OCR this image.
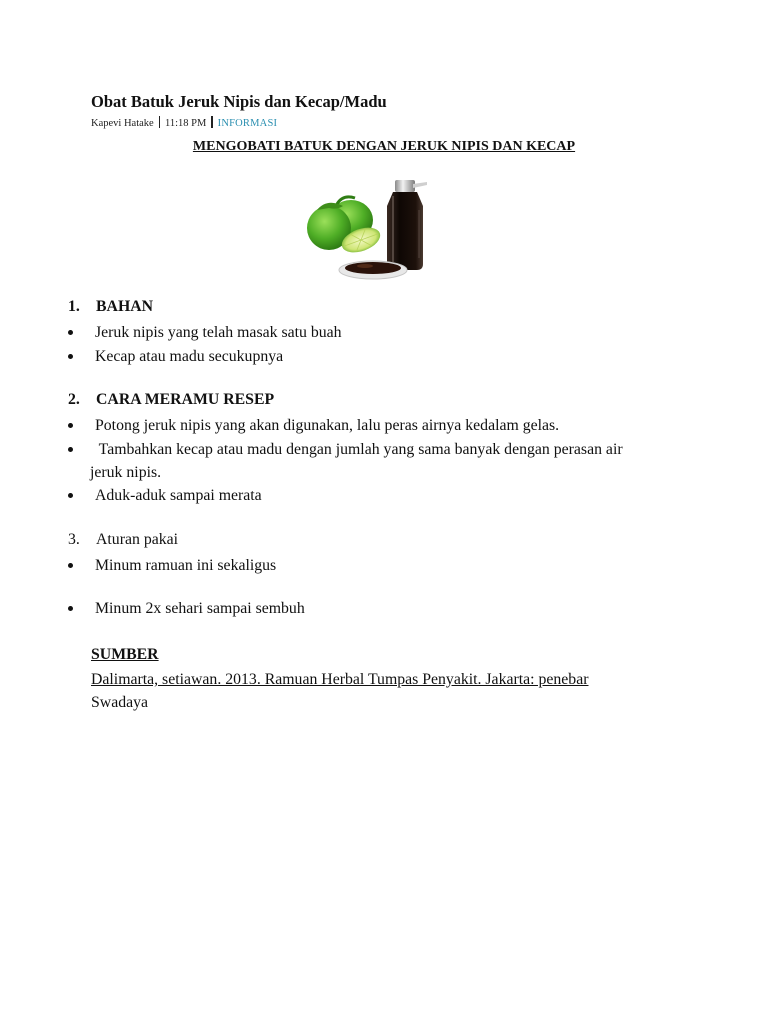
Obat Batuk Jeruk Nipis dan Kecap/Madu
Kapevi Hatake 11:18 PM INFORMASI
MENGOBATI BATUK DENGAN JERUK NIPIS DAN KECAP
1.	BAHAN
Jeruk nipis yang telah masak satu buah
Kecap atau madu secukupnya
2.	CARA MERAMU RESEP
Potong jeruk nipis yang akan digunakan, lalu peras airnya kedalam gelas.
Tambahkan kecap atau madu dengan jumlah yang sama banyak dengan perasan air
jeruk nipis.
Aduk-aduk sampai merata
3.	Aturan pakai
Minum ramuan ini sekaligus
Minum 2x sehari sampai sembuh
SUMBER
Dalimarta, setiawan. 2013. Ramuan Herbal Tumpas Penyakit. Jakarta: penebar
Swadaya
